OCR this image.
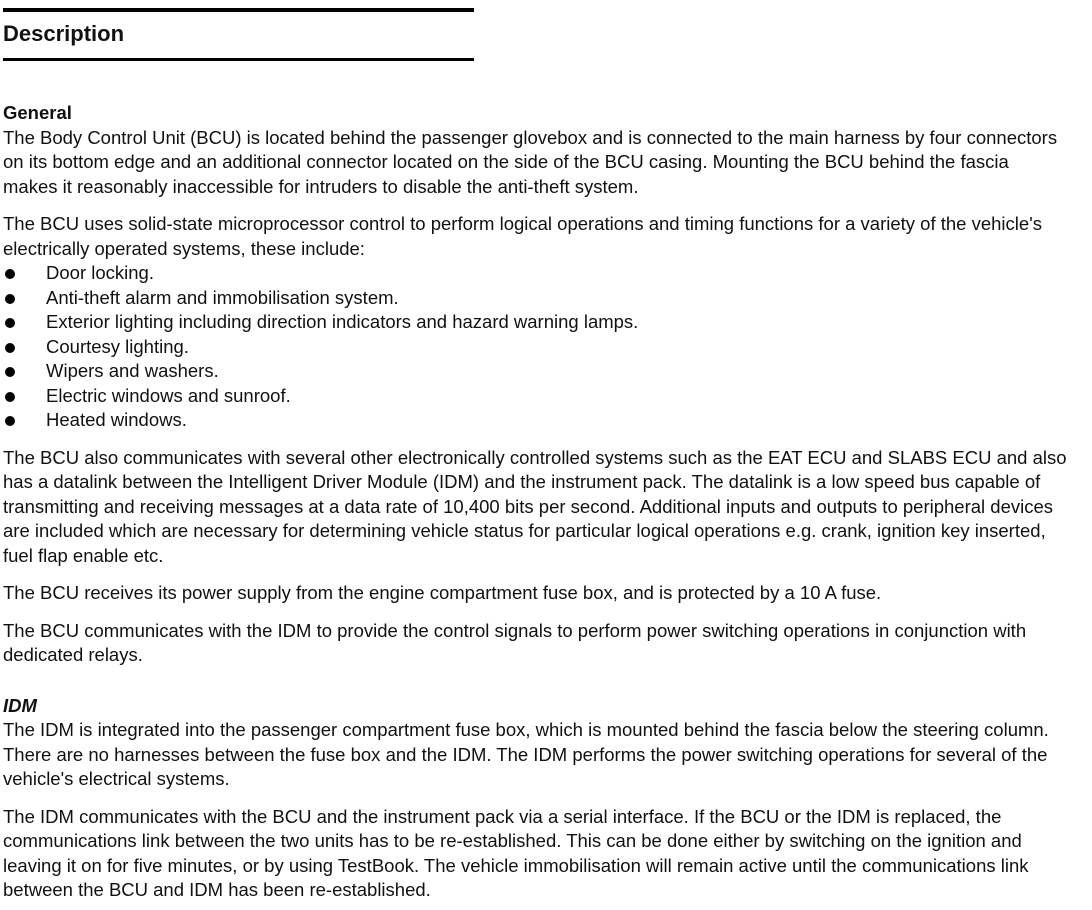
Description
General

The Body Control Unit (BCU) is located behind the passenger glovebox and is connected to the main harness by four connectors on its bottom edge and an additional connector located on the side of the BCU casing. Mounting the BCU behind the fascia makes it reasonably inaccessible for intruders to disable the anti-theft system.

The BCU uses solid-state microprocessor control to perform logical operations and timing functions for a variety of the vehicle's electrically operated systems, these include:

Door locking.
Anti-theft alarm and immobilisation system.
Exterior lighting including direction indicators and hazard warning lamps.
Courtesy lighting.
Wipers and washers.
Electric windows and sunroof.
Heated windows.

The BCU also communicates with several other electronically controlled systems such as the EAT ECU and SLABS ECU and also has a datalink between the Intelligent Driver Module (IDM) and the instrument pack. The datalink is a low speed bus capable of transmitting and receiving messages at a data rate of 10,400 bits per second. Additional inputs and outputs to peripheral devices are included which are necessary for determining vehicle status for particular logical operations e.g. crank, ignition key inserted, fuel flap enable etc.

The BCU receives its power supply from the engine compartment fuse box, and is protected by a 10 A fuse.

The BCU communicates with the IDM to provide the control signals to perform power switching operations in conjunction with dedicated relays.

IDM

The IDM is integrated into the passenger compartment fuse box, which is mounted behind the fascia below the steering column. There are no harnesses between the fuse box and the IDM. The IDM performs the power switching operations for several of the vehicle's electrical systems.

The IDM communicates with the BCU and the instrument pack via a serial interface. If the BCU or the IDM is replaced, the communications link between the two units has to be re-established. This can be done either by switching on the ignition and leaving it on for five minutes, or by using TestBook. The vehicle immobilisation will remain active until the communications link between the BCU and IDM has been re-established.
